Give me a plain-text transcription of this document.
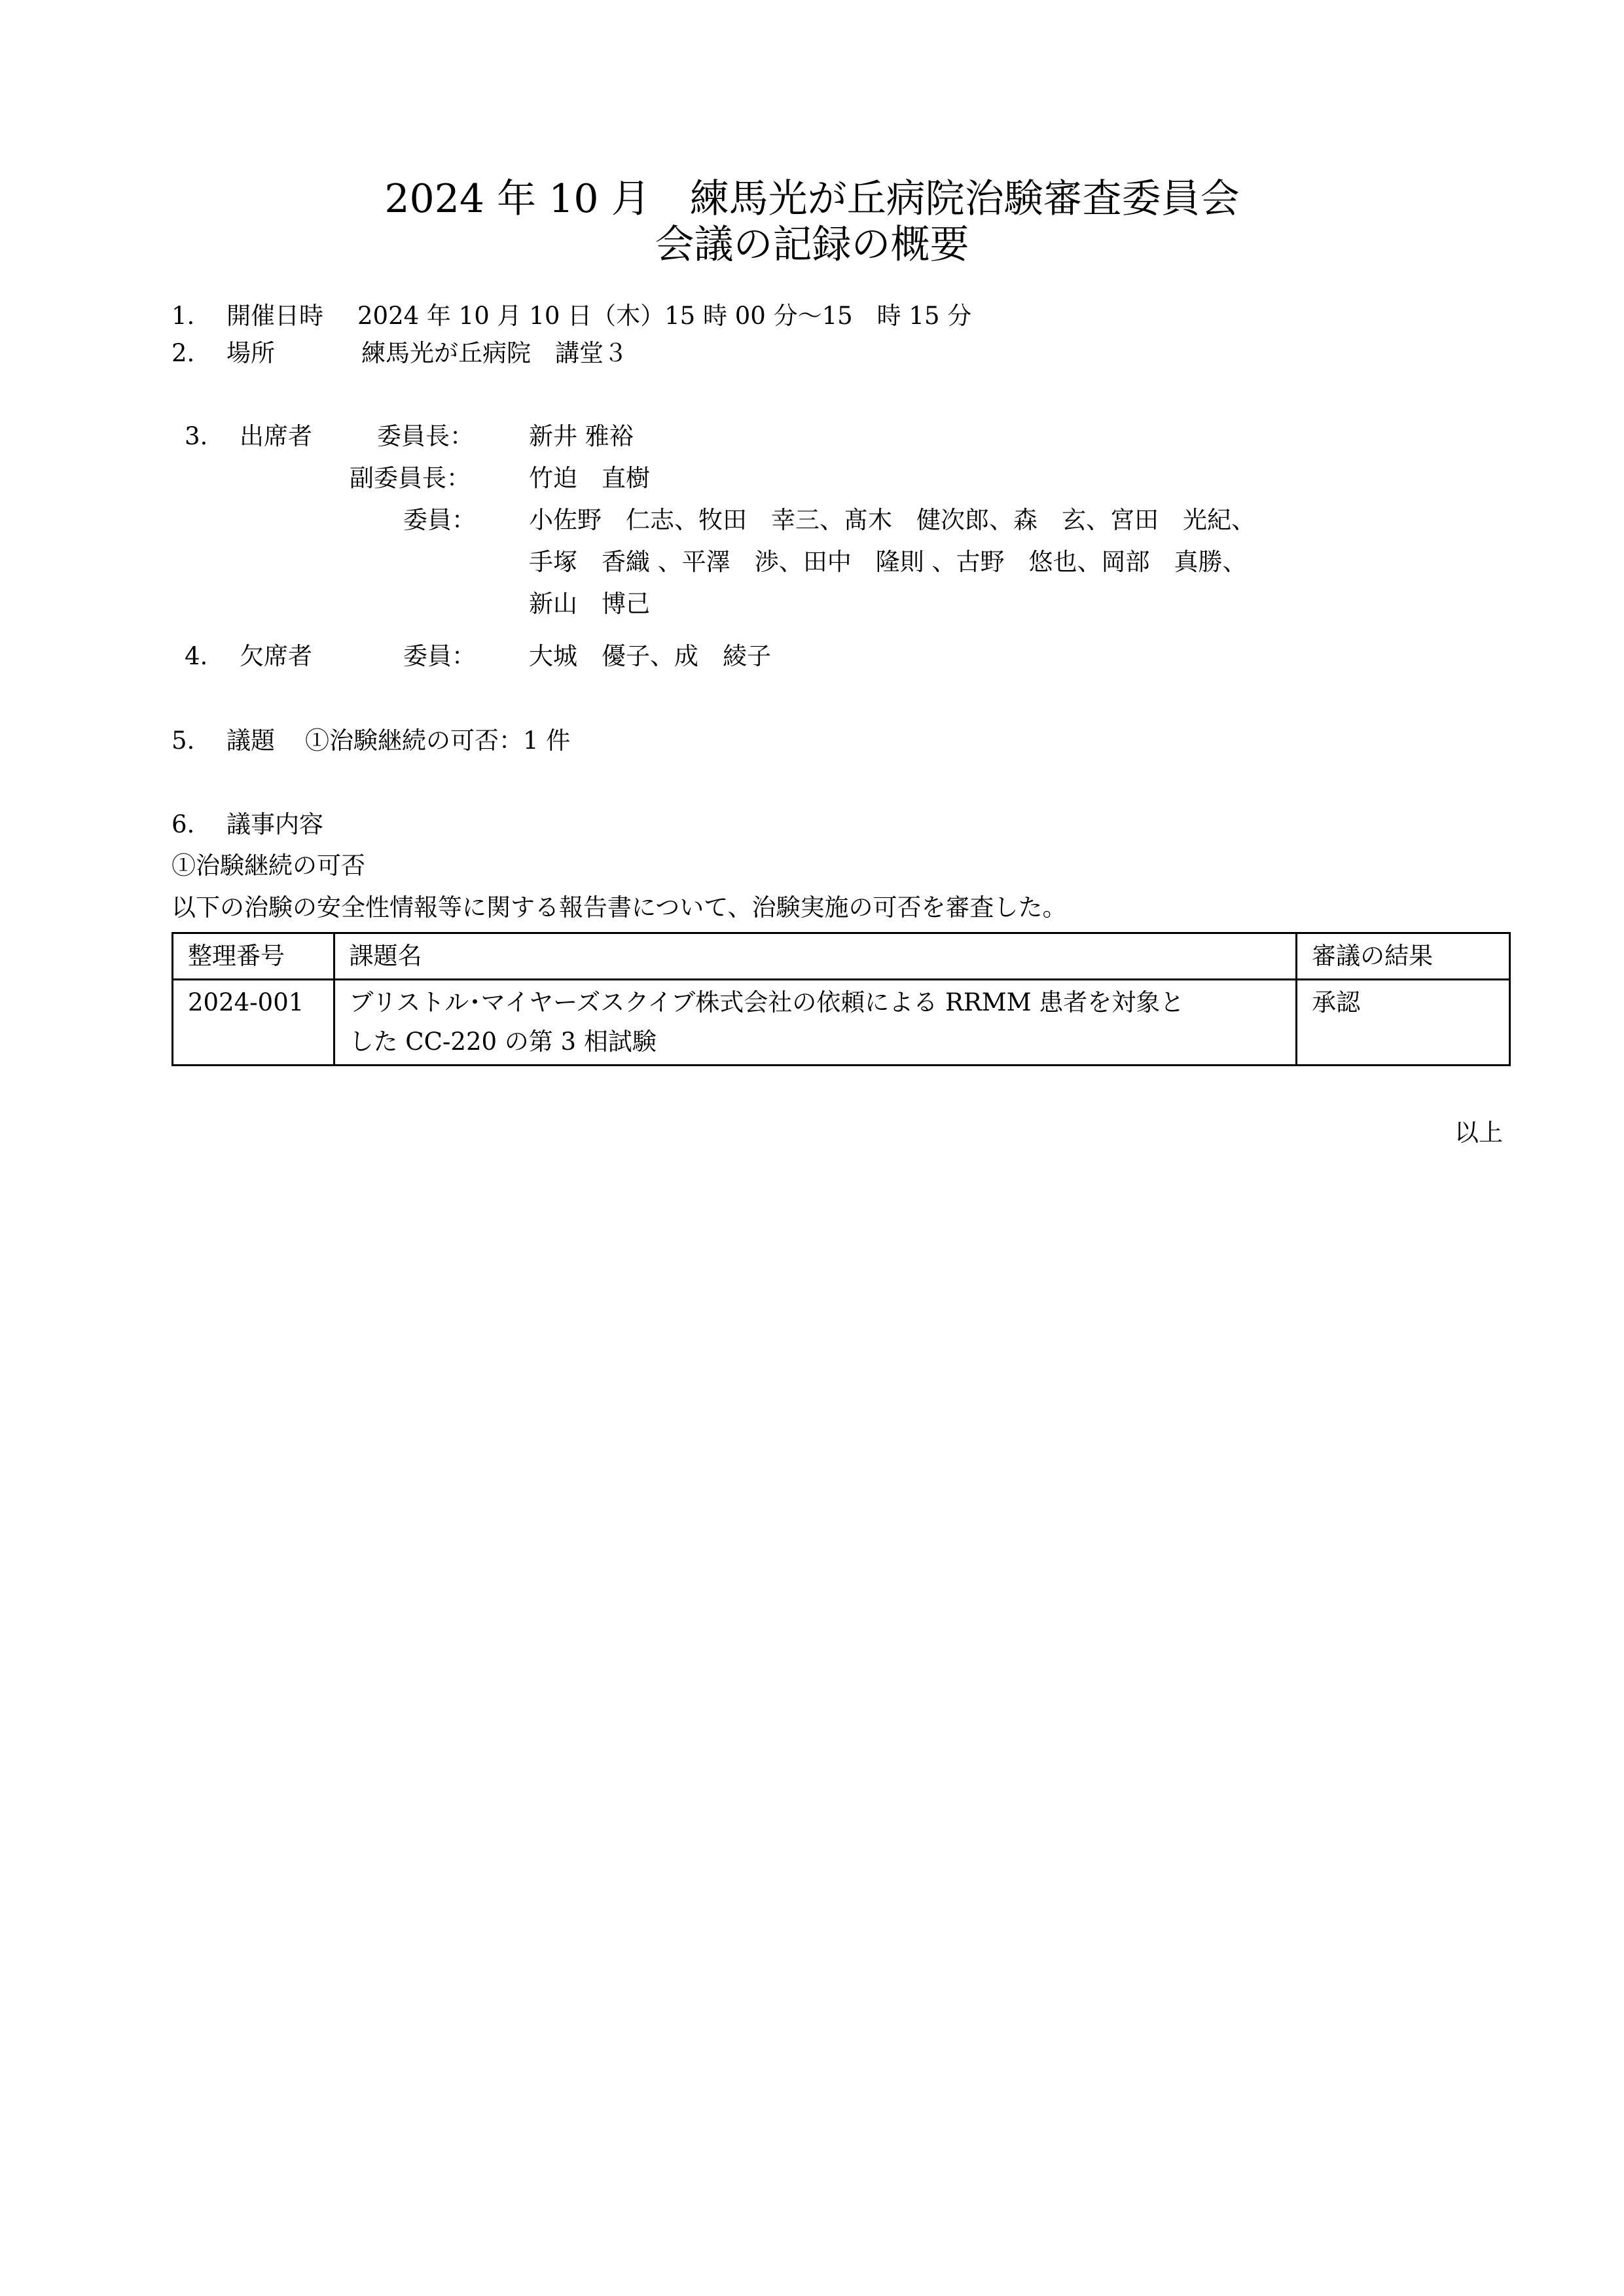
2024 年 10 月　練馬光が丘病院治験審査委員会
会議の記録の概要
1. 開催日時 2024 年 10 月 10 日（木）15 時 00 分～15　時 15 分
2. 場所	練馬光が丘病院　講堂３
3. 出席者	委員長： 新井 雅裕
副委員長： 竹迫　直樹
委員： 小佐野　仁志、牧田　幸三、髙木　健次郎、森　玄、宮田　光紀、
手塚　香織 、平澤　渉、田中　隆則 、古野　悠也、岡部　真勝、
新山　博己
4. 欠席者	委員： 大城　優子、成　綾子
5. 議題 ①治験継続の可否：1 件
6. 議事内容
①治験継続の可否
以下の治験の安全性情報等に関する報告書について、治験実施の可否を審査した。
整理番号	課題名	審議の結果
2024-001	ブリストル･マイヤーズスクイブ株式会社の依頼による RRMM 患者を対象と
した CC-220 の第 3 相試験	承認
以上
